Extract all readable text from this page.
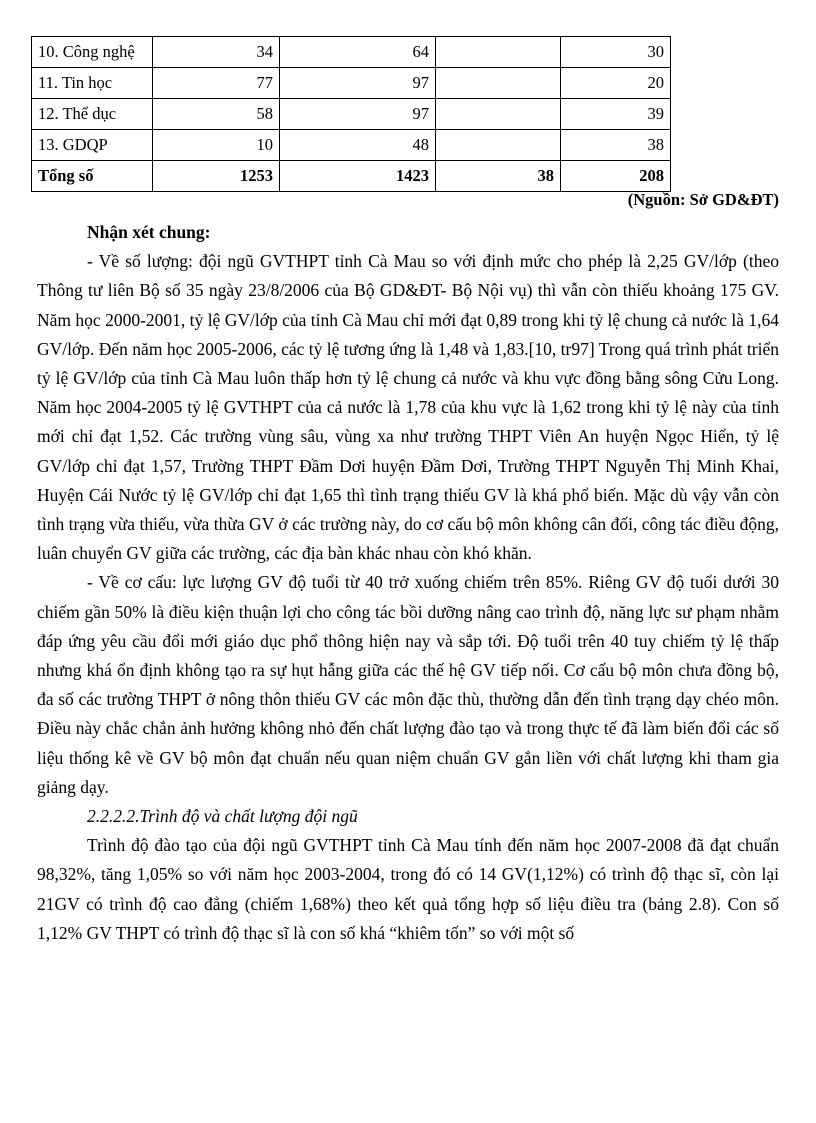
10. Công nghệ	34	64		30
11. Tin học	77	97		20
12. Thể dục	58	97		39
13. GDQP	10	48		38
Tổng số	1253	1423	38	208
(Nguồn: Sở GD&ĐT)

Nhận xét chung:

- Về số lượng: đội ngũ GVTHPT tỉnh Cà Mau so với định mức cho phép là 2,25 GV/lớp (theo Thông tư liên Bộ số 35 ngày 23/8/2006 của Bộ GD&ĐT- Bộ Nội vụ) thì vẫn còn thiếu khoảng 175 GV. Năm học 2000-2001, tỷ lệ GV/lớp của tỉnh Cà Mau chỉ mới đạt 0,89 trong khi tỷ lệ chung cả nước là 1,64 GV/lớp. Đến năm học 2005-2006, các tỷ lệ tương ứng là 1,48 và 1,83.[10, tr97] Trong quá trình phát triển tỷ lệ GV/lớp của tỉnh Cà Mau luôn thấp hơn tỷ lệ chung cả nước và khu vực đồng bằng sông Cửu Long. Năm học 2004-2005 tỷ lệ GVTHPT của cả nước là 1,78 của khu vực là 1,62 trong khi tỷ lệ này của tỉnh mới chỉ đạt 1,52. Các trường vùng sâu, vùng xa như trường THPT Viên An huyện Ngọc Hiển, tỷ lệ GV/lớp chỉ đạt 1,57, Trường THPT Đầm Dơi huyện Đầm Dơi, Trường THPT Nguyễn Thị Minh Khai, Huyện Cái Nước tỷ lệ GV/lớp chỉ đạt 1,65 thì tình trạng thiếu GV là khá phổ biến. Mặc dù vậy vẫn còn tình trạng vừa thiếu, vừa thừa GV ở các trường này, do cơ cấu bộ môn không cân đối, công tác điều động, luân chuyển GV giữa các trường, các địa bàn khác nhau còn khó khăn.

- Về cơ cấu: lực lượng GV độ tuổi từ 40 trở xuống chiếm trên 85%. Riêng GV độ tuổi dưới 30 chiếm gần 50% là điều kiện thuận lợi cho công tác bồi dưỡng nâng cao trình độ, năng lực sư phạm nhằm đáp ứng yêu cầu đổi mới giáo dục phổ thông hiện nay và sắp tới. Độ tuổi trên 40 tuy chiếm tỷ lệ thấp nhưng khá ổn định không tạo ra sự hụt hẫng giữa các thế hệ GV tiếp nối. Cơ cấu bộ môn chưa đồng bộ, đa số các trường THPT ở nông thôn thiếu GV các môn đặc thù, thường dẫn đến tình trạng dạy chéo môn. Điều này chắc chắn ảnh hưởng không nhỏ đến chất lượng đào tạo và trong thực tế đã làm biến đổi các số liệu thống kê về GV bộ môn đạt chuẩn nếu quan niệm chuẩn GV gắn liền với chất lượng khi tham gia giảng dạy.

2.2.2.2.Trình độ và chất lượng đội ngũ

Trình độ đào tạo của đội ngũ GVTHPT tỉnh Cà Mau tính đến năm học 2007-2008 đã đạt chuẩn 98,32%, tăng 1,05% so với năm học 2003-2004, trong đó có 14 GV(1,12%) có trình độ thạc sĩ, còn lại 21GV có trình độ cao đẳng (chiếm 1,68%) theo kết quả tổng hợp số liệu điều tra (bảng 2.8). Con số 1,12% GV THPT có trình độ thạc sĩ là con số khá “khiêm tốn” so với một số
